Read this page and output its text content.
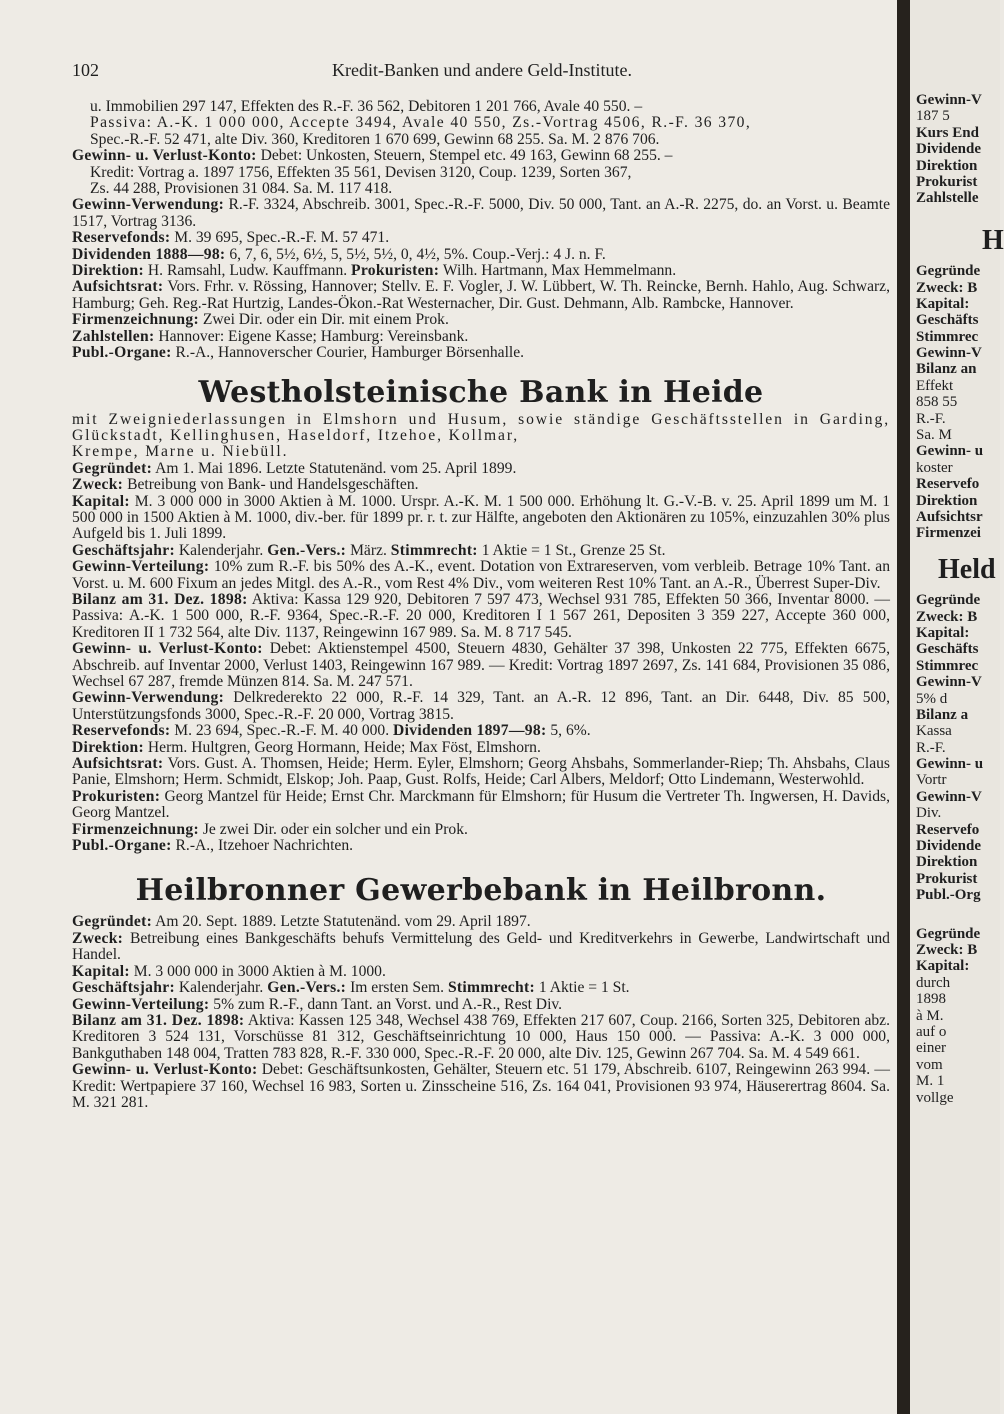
102	Kredit-Banken und andere Geld-Institute.

u. Immobilien 297 147, Effekten des R.-F. 36 562, Debitoren 1 201 766, Avale 40 550. –

Passiva: A.-K. 1 000 000, Accepte 3494, Avale 40 550, Zs.-Vortrag 4506, R.-F. 36 370,

Spec.-R.-F. 52 471, alte Div. 360, Kreditoren 1 670 699, Gewinn 68 255. Sa. M. 2 876 706.

Gewinn- u. Verlust-Konto: Debet: Unkosten, Steuern, Stempel etc. 49 163, Gewinn 68 255. –

Kredit: Vortrag a. 1897 1756, Effekten 35 561, Devisen 3120, Coup. 1239, Sorten 367,

Zs. 44 288, Provisionen 31 084. Sa. M. 117 418.

Gewinn-Verwendung: R.-F. 3324, Abschreib. 3001, Spec.-R.-F. 5000, Div. 50 000, Tant. an A.-R. 2275, do. an Vorst. u. Beamte 1517, Vortrag 3136.

Reservefonds: M. 39 695, Spec.-R.-F. M. 57 471.

Dividenden 1888—98: 6, 7, 6, 5½, 6½, 5, 5½, 5½, 0, 4½, 5%. Coup.-Verj.: 4 J. n. F.

Direktion: H. Ramsahl, Ludw. Kauffmann. Prokuristen: Wilh. Hartmann, Max Hemmelmann.

Aufsichtsrat: Vors. Frhr. v. Rössing, Hannover; Stellv. E. F. Vogler, J. W. Lübbert, W. Th. Reincke, Bernh. Hahlo, Aug. Schwarz, Hamburg; Geh. Reg.-Rat Hurtzig, Landes-Ökon.-Rat Westernacher, Dir. Gust. Dehmann, Alb. Rambcke, Hannover.

Firmenzeichnung: Zwei Dir. oder ein Dir. mit einem Prok.

Zahlstellen: Hannover: Eigene Kasse; Hamburg: Vereinsbank.

Publ.-Organe: R.-A., Hannoverscher Courier, Hamburger Börsenhalle.

Westholsteinische Bank in Heide

mit Zweigniederlassungen in Elmshorn und Husum, sowie ständige Geschäftsstellen in Garding, Glückstadt, Kellinghusen, Haseldorf, Itzehoe, Kollmar,

Krempe, Marne u. Niebüll.

Gegründet: Am 1. Mai 1896. Letzte Statutenänd. vom 25. April 1899.

Zweck: Betreibung von Bank- und Handelsgeschäften.

Kapital: M. 3 000 000 in 3000 Aktien à M. 1000. Urspr. A.-K. M. 1 500 000. Erhöhung lt. G.-V.-B. v. 25. April 1899 um M. 1 500 000 in 1500 Aktien à M. 1000, div.-ber. für 1899 pr. r. t. zur Hälfte, angeboten den Aktionären zu 105%, einzuzahlen 30% plus Aufgeld bis 1. Juli 1899.

Geschäftsjahr: Kalenderjahr. Gen.-Vers.: März. Stimmrecht: 1 Aktie = 1 St., Grenze 25 St.

Gewinn-Verteilung: 10% zum R.-F. bis 50% des A.-K., event. Dotation von Extrareserven, vom verbleib. Betrage 10% Tant. an Vorst. u. M. 600 Fixum an jedes Mitgl. des A.-R., vom Rest 4% Div., vom weiteren Rest 10% Tant. an A.-R., Überrest Super-Div.

Bilanz am 31. Dez. 1898: Aktiva: Kassa 129 920, Debitoren 7 597 473, Wechsel 931 785, Effekten 50 366, Inventar 8000. — Passiva: A.-K. 1 500 000, R.-F. 9364, Spec.-R.-F. 20 000, Kreditoren I 1 567 261, Depositen 3 359 227, Accepte 360 000, Kreditoren II 1 732 564, alte Div. 1137, Reingewinn 167 989. Sa. M. 8 717 545.

Gewinn- u. Verlust-Konto: Debet: Aktienstempel 4500, Steuern 4830, Gehälter 37 398, Unkosten 22 775, Effekten 6675, Abschreib. auf Inventar 2000, Verlust 1403, Reingewinn 167 989. — Kredit: Vortrag 1897 2697, Zs. 141 684, Provisionen 35 086, Wechsel 67 287, fremde Münzen 814. Sa. M. 247 571.

Gewinn-Verwendung: Delkrederekto 22 000, R.-F. 14 329, Tant. an A.-R. 12 896, Tant. an Dir. 6448, Div. 85 500, Unterstützungsfonds 3000, Spec.-R.-F. 20 000, Vortrag 3815.

Reservefonds: M. 23 694, Spec.-R.-F. M. 40 000. Dividenden 1897—98: 5, 6%.

Direktion: Herm. Hultgren, Georg Hormann, Heide; Max Föst, Elmshorn.

Aufsichtsrat: Vors. Gust. A. Thomsen, Heide; Herm. Eyler, Elmshorn; Georg Ahsbahs, Sommerlander-Riep; Th. Ahsbahs, Claus Panie, Elmshorn; Herm. Schmidt, Elskop; Joh. Paap, Gust. Rolfs, Heide; Carl Albers, Meldorf; Otto Lindemann, Westerwohld.

Prokuristen: Georg Mantzel für Heide; Ernst Chr. Marckmann für Elmshorn; für Husum die Vertreter Th. Ingwersen, H. Davids, Georg Mantzel.

Firmenzeichnung: Je zwei Dir. oder ein solcher und ein Prok.

Publ.-Organe: R.-A., Itzehoer Nachrichten.

Heilbronner Gewerbebank in Heilbronn.

Gegründet: Am 20. Sept. 1889. Letzte Statutenänd. vom 29. April 1897.

Zweck: Betreibung eines Bankgeschäfts behufs Vermittelung des Geld- und Kreditverkehrs in Gewerbe, Landwirtschaft und Handel.

Kapital: M. 3 000 000 in 3000 Aktien à M. 1000.

Geschäftsjahr: Kalenderjahr. Gen.-Vers.: Im ersten Sem. Stimmrecht: 1 Aktie = 1 St.

Gewinn-Verteilung: 5% zum R.-F., dann Tant. an Vorst. und A.-R., Rest Div.

Bilanz am 31. Dez. 1898: Aktiva: Kassen 125 348, Wechsel 438 769, Effekten 217 607, Coup. 2166, Sorten 325, Debitoren abz. Kreditoren 3 524 131, Vorschüsse 81 312, Geschäftseinrichtung 10 000, Haus 150 000. — Passiva: A.-K. 3 000 000, Bankguthaben 148 004, Tratten 783 828, R.-F. 330 000, Spec.-R.-F. 20 000, alte Div. 125, Gewinn 267 704. Sa. M. 4 549 661.

Gewinn- u. Verlust-Konto: Debet: Geschäftsunkosten, Gehälter, Steuern etc. 51 179, Abschreib. 6107, Reingewinn 263 994. — Kredit: Wertpapiere 37 160, Wechsel 16 983, Sorten u. Zinsscheine 516, Zs. 164 041, Provisionen 93 974, Häuserertrag 8604. Sa. M. 321 281.

Gewinn-V
187 5
Kurs End
Dividende
Direktion
Prokurist
Zahlstelle
H
Gegründe
Zweck: B
Kapital:
Geschäfts
Stimmrec
Gewinn-V
Bilanz an
Effekt
858 55
R.-F.
Sa. M
Gewinn- u
koster
Reservefo
Direktion
Aufsichtsr
Firmenzei
Held
Gegründe
Zweck: B
Kapital:
Geschäfts
Stimmrec
Gewinn-V
5% d
Bilanz a
Kassa
R.-F.
Gewinn- u
Vortr
Gewinn-V
Div.
Reservefo
Dividende
Direktion
Prokurist
Publ.-Org
Gegründe
Zweck: B
Kapital:
durch
1898
à M.
auf o
einer
vom
M. 1
vollge
